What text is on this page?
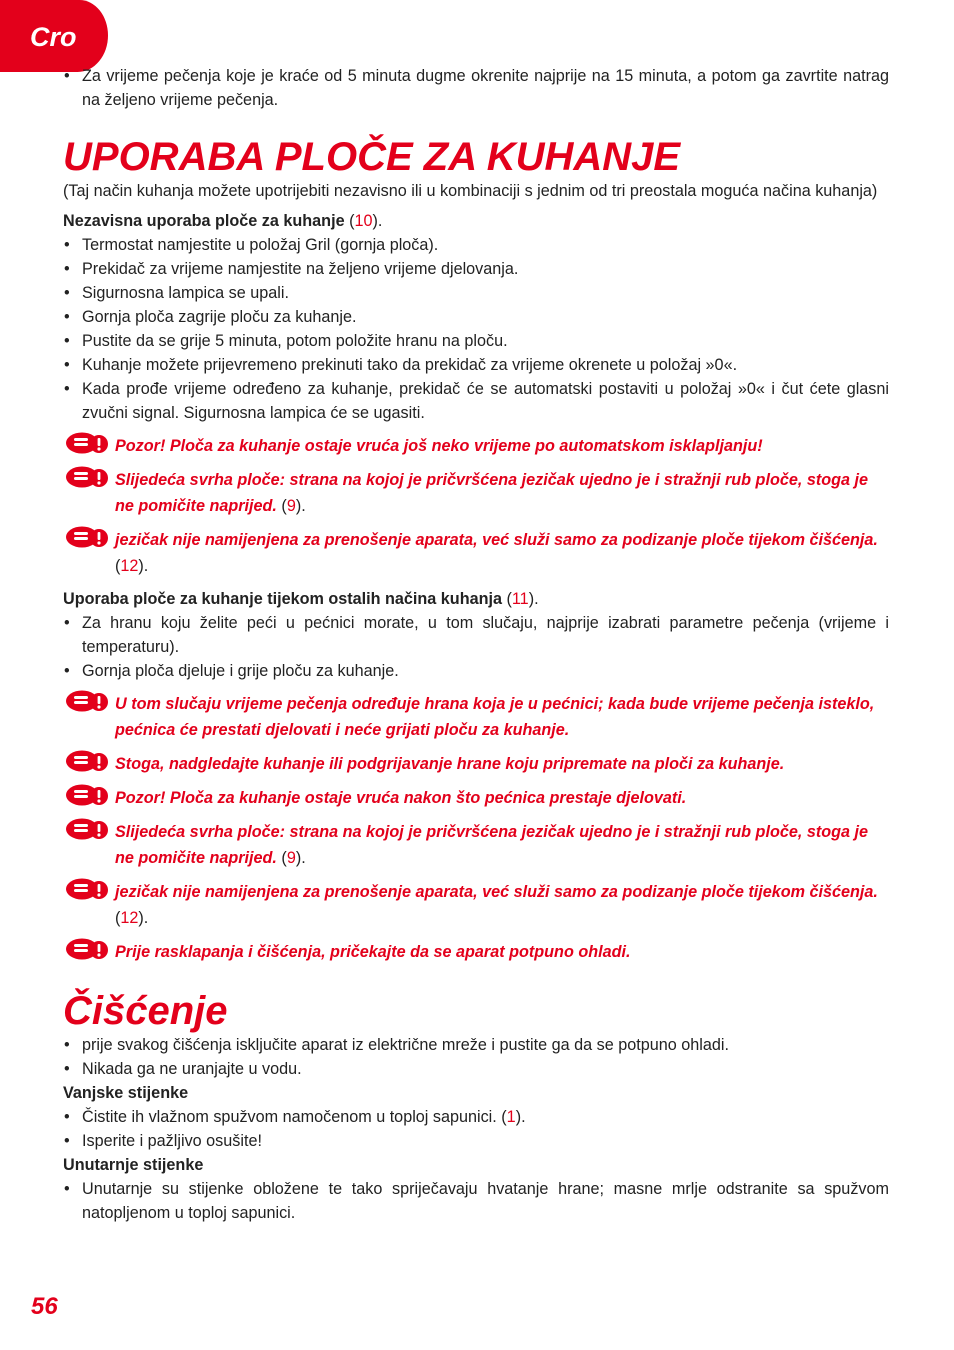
Cro
• Za vrijeme pečenja koje je kraće od 5 minuta dugme okrenite najprije na 15 minuta, a potom ga zavrtite natrag na željeno vrijeme pečenja.
UPORABA PLOČE ZA KUHANJE
(Taj način kuhanja možete upotrijebiti nezavisno ili u kombinaciji s jednim od tri preostala moguća načina kuhanja)
Nezavisna uporaba ploče za kuhanje (10).
• Termostat namjestite u položaj Gril (gornja ploča).
• Prekidač za vrijeme namjestite na željeno vrijeme djelovanja.
• Sigurnosna lampica se upali.
• Gornja ploča zagrije ploču za kuhanje.
• Pustite da se grije 5 minuta, potom položite hranu na ploču.
• Kuhanje možete prijevremeno prekinuti tako da prekidač za vrijeme okrenete u položaj »0«.
• Kada prođe vrijeme određeno za kuhanje, prekidač će se automatski postaviti u položaj »0« i čut ćete glasni zvučni signal. Sigurnosna lampica će se ugasiti.
Pozor! Ploča za kuhanje ostaje vruća još neko vrijeme po automatskom isklapljanju!
Slijedeća svrha ploče: strana na kojoj je pričvršćena jezičak ujedno je i stražnji rub ploče, stoga je ne pomičite naprijed. (9).
jezičak nije namijenjena za prenošenje aparata, već služi samo za podizanje ploče tijekom čišćenja. (12).
Uporaba ploče za kuhanje tijekom ostalih načina kuhanja (11).
• Za hranu koju želite peći u pećnici morate, u tom slučaju, najprije izabrati parametre pečenja (vrijeme i temperaturu).
• Gornja ploča djeluje i grije ploču za kuhanje.
U tom slučaju vrijeme pečenja određuje hrana koja je u pećnici; kada bude vrijeme pečenja isteklo, pećnica će prestati djelovati i neće grijati ploču za kuhanje.
Stoga, nadgledajte kuhanje ili podgrijavanje hrane koju pripremate na ploči za kuhanje.
Pozor! Ploča za kuhanje ostaje vruća nakon što pećnica prestaje djelovati.
Slijedeća svrha ploče: strana na kojoj je pričvršćena jezičak ujedno je i stražnji rub ploče, stoga je ne pomičite naprijed. (9).
jezičak nije namijenjena za prenošenje aparata, već služi samo za podizanje ploče tijekom čišćenja. (12).
Prije rasklapanja i čišćenja, pričekajte da se aparat potpuno ohladi.
Čišćenje
• prije svakog čišćenja isključite aparat iz električne mreže i pustite ga da se potpuno ohladi.
• Nikada ga ne uranjajte u vodu.
Vanjske stijenke
• Čistite ih vlažnom spužvom namočenom u toploj sapunici. (1).
• Isperite i pažljivo osušite!
Unutarnje stijenke
• Unutarnje su stijenke obložene te tako spriječavaju hvatanje hrane; masne mrlje odstranite sa spužvom natopljenom u toploj sapunici.
56
